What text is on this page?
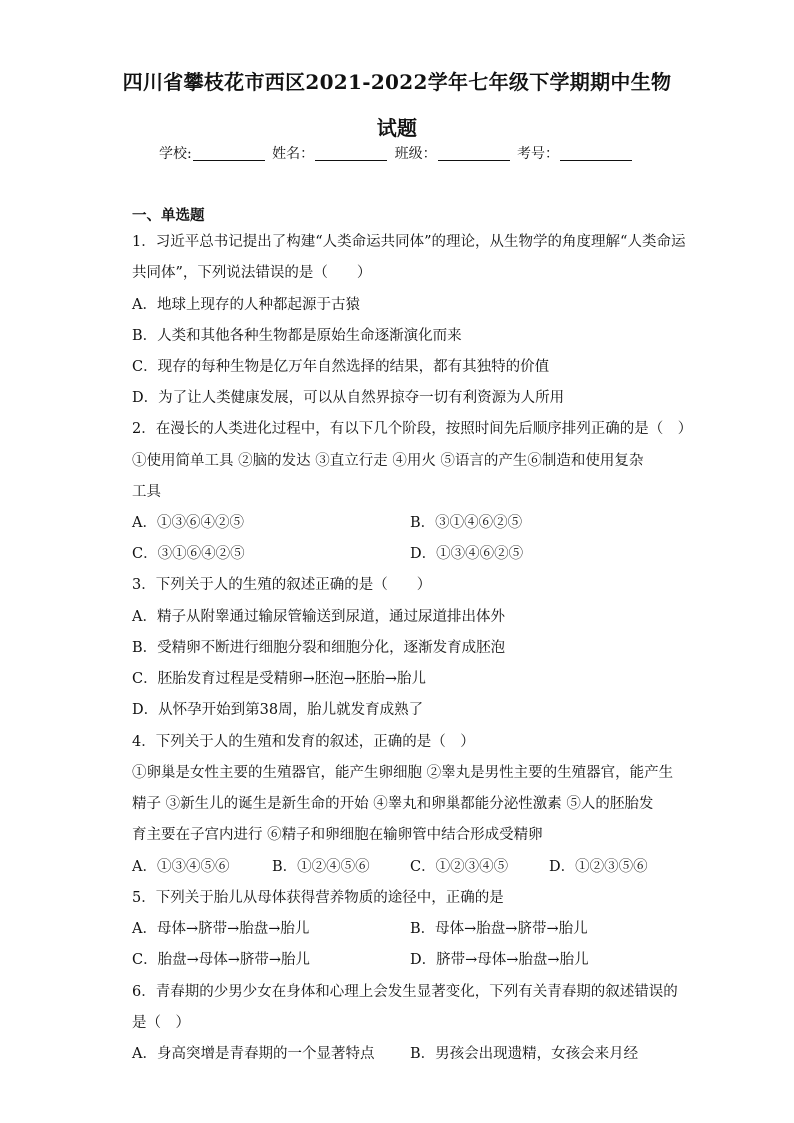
四川省攀枝花市西区2021-2022学年七年级下学期期中生物
试题
学校:	姓名：	班级：	考号：
一、单选题
1．习近平总书记提出了构建“人类命运共同体”的理论，从生物学的角度理解“人类命运
共同体”，下列说法错误的是（　　）
A．地球上现存的人种都起源于古猿
B．人类和其他各种生物都是原始生命逐渐演化而来
C．现存的每种生物是亿万年自然选择的结果，都有其独特的价值
D．为了让人类健康发展，可以从自然界掠夺一切有利资源为人所用
2．在漫长的人类进化过程中，有以下几个阶段，按照时间先后顺序排列正确的是（　）
①使用简单工具 ②脑的发达 ③直立行走 ④用火 ⑤语言的产生⑥制造和使用复杂
工具
A．①③⑥④②⑤	B．③①④⑥②⑤
C．③①⑥④②⑤	D．①③④⑥②⑤
3．下列关于人的生殖的叙述正确的是（　　）
A．精子从附睾通过输尿管输送到尿道，通过尿道排出体外
B．受精卵不断进行细胞分裂和细胞分化，逐渐发育成胚泡
C．胚胎发育过程是受精卵→胚泡→胚胎→胎儿
D．从怀孕开始到第38周，胎儿就发育成熟了
4．下列关于人的生殖和发育的叙述，正确的是（　）
①卵巢是女性主要的生殖器官，能产生卵细胞 ②睾丸是男性主要的生殖器官，能产生
精子 ③新生儿的诞生是新生命的开始 ④睾丸和卵巢都能分泌性激素 ⑤人的胚胎发
育主要在子宫内进行 ⑥精子和卵细胞在输卵管中结合形成受精卵
A．①③④⑤⑥	B．①②④⑤⑥	C．①②③④⑤	D．①②③⑤⑥
5．下列关于胎儿从母体获得营养物质的途径中，正确的是
A．母体→脐带→胎盘→胎儿	B．母体→胎盘→脐带→胎儿
C．胎盘→母体→脐带→胎儿	D．脐带→母体→胎盘→胎儿
6．青春期的少男少女在身体和心理上会发生显著变化，下列有关青春期的叙述错误的
是（　）
A．身高突增是青春期的一个显著特点 B．男孩会出现遗精，女孩会来月经
